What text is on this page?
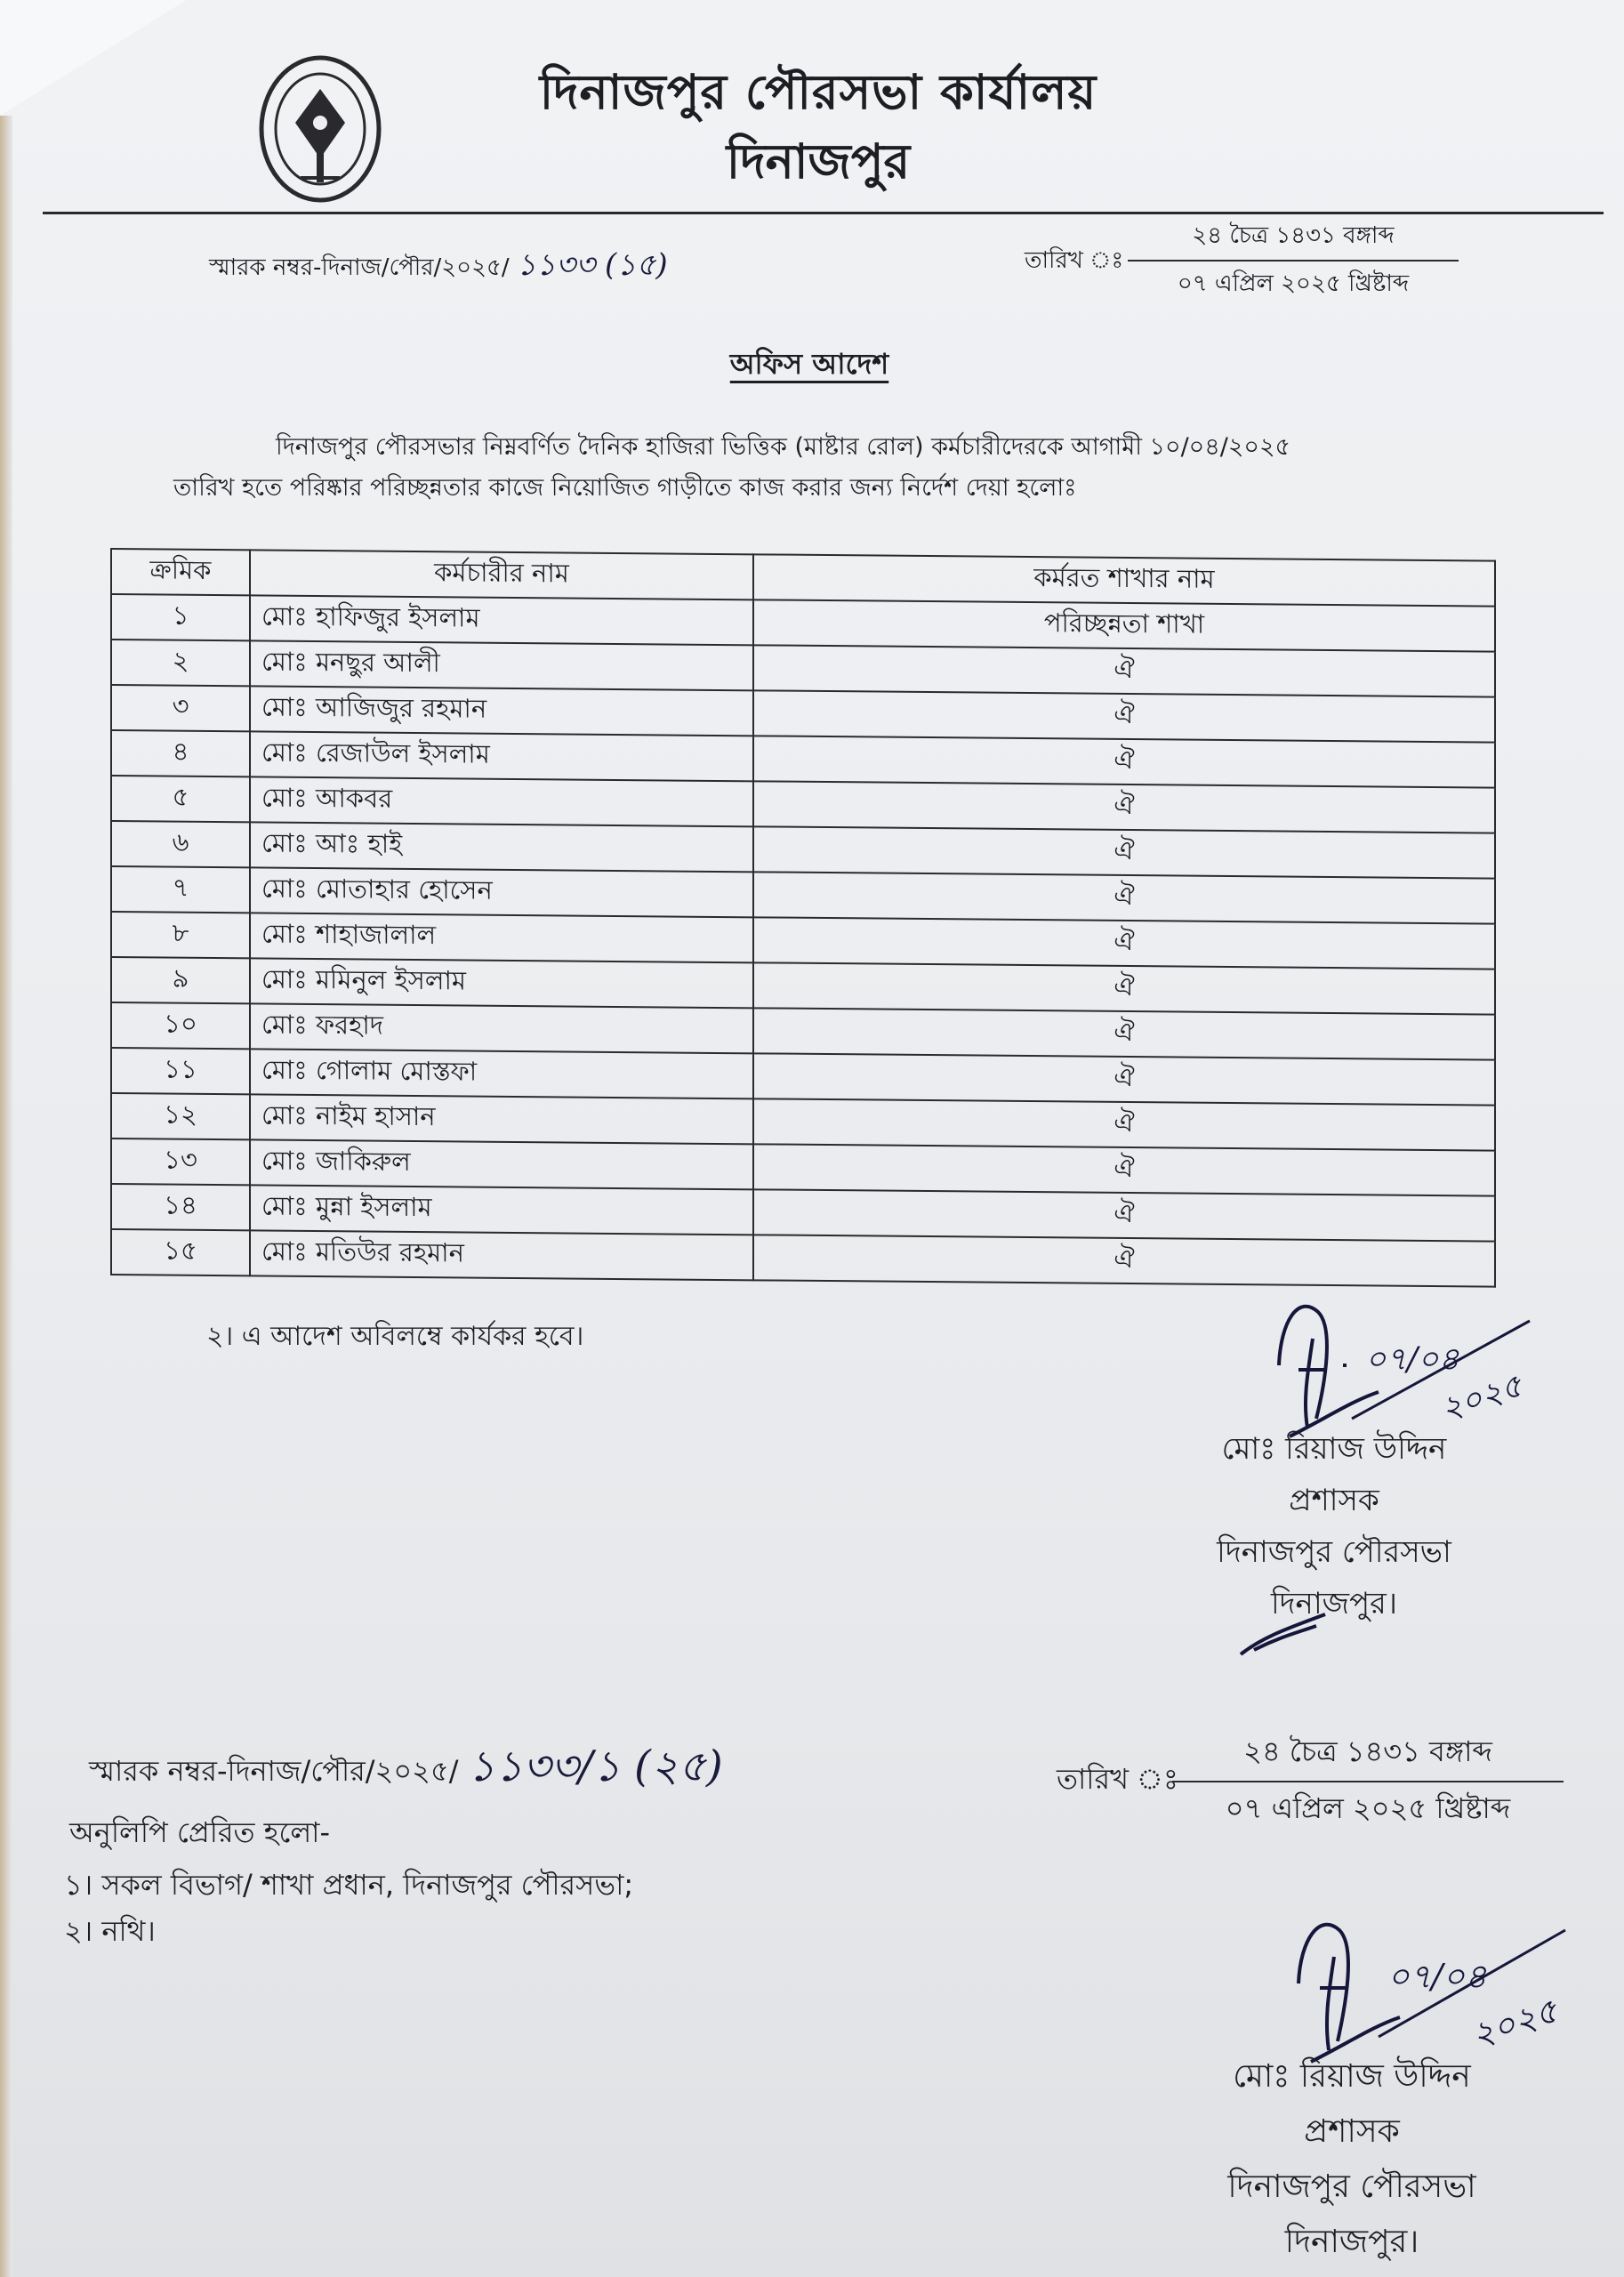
দিনাজপুর পৌরসভা কার্যালয়
দিনাজপুর
স্মারক নম্বর-দিনাজ/পৌর/২০২৫/ ১১৩৩ (১৫)	তারিখ ঃ
২৪ চৈত্র ১৪৩১ বঙ্গাব্দ
০৭ এপ্রিল ২০২৫ খ্রিষ্টাব্দ
অফিস আদেশ
দিনাজপুর পৌরসভার নিম্নবর্ণিত দৈনিক হাজিরা ভিত্তিক (মাষ্টার রোল) কর্মচারীদেরকে আগামী ১০/০৪/২০২৫
তারিখ হতে পরিষ্কার পরিচ্ছন্নতার কাজে নিয়োজিত গাড়ীতে কাজ করার জন্য নির্দেশ দেয়া হলোঃ
ক্রমিক	কর্মচারীর নাম	কর্মরত শাখার নাম
১	মোঃ হাফিজুর ইসলাম	পরিচ্ছন্নতা শাখা
২	মোঃ মনছুর আলী	ঐ
৩	মোঃ আজিজুর রহমান	ঐ
৪	মোঃ রেজাউল ইসলাম	ঐ
৫	মোঃ আকবর	ঐ
৬	মোঃ আঃ হাই	ঐ
৭	মোঃ মোতাহার হোসেন	ঐ
৮	মোঃ শাহাজালাল	ঐ
৯	মোঃ মমিনুল ইসলাম	ঐ
১০	মোঃ ফরহাদ	ঐ
১১	মোঃ গোলাম মোস্তফা	ঐ
১২	মোঃ নাইম হাসান	ঐ
১৩	মোঃ জাকিরুল	ঐ
১৪	মোঃ মুন্না ইসলাম	ঐ
১৫	মোঃ মতিউর রহমান	ঐ
২। এ আদেশ অবিলম্বে কার্যকর হবে।
০৭/০৪
২০২৫
মোঃ রিয়াজ উদ্দিন
প্রশাসক
দিনাজপুর পৌরসভা
দিনাজপুর।
স্মারক নম্বর-দিনাজ/পৌর/২০২৫/ ১১৩৩/১ (২৫)	তারিখ ঃ
২৪ চৈত্র ১৪৩১ বঙ্গাব্দ
০৭ এপ্রিল ২০২৫ খ্রিষ্টাব্দ
অনুলিপি প্রেরিত হলো-
১। সকল বিভাগ/ শাখা প্রধান, দিনাজপুর পৌরসভা;
২। নথি।
০৭/০৪
২০২৫
মোঃ রিয়াজ উদ্দিন
প্রশাসক
দিনাজপুর পৌরসভা
দিনাজপুর।
